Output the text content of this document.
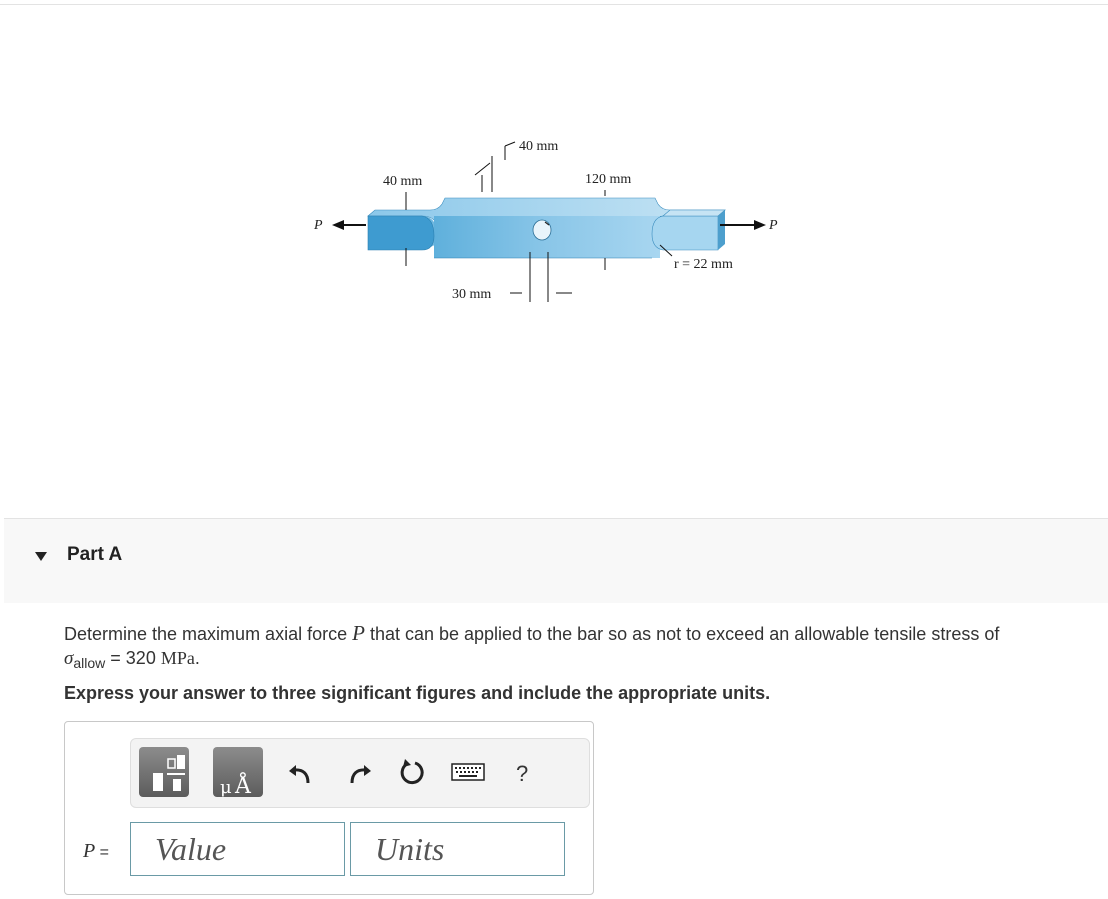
P	P
40 mm
40 mm
120 mm
30 mm
r = 22 mm
Part A
Determine the maximum axial force P that can be applied to the bar so as not to exceed an allowable tensile stress of
$\sigma_{allow} = 320$ MPa.
Express your answer to three significant figures and include the appropriate units.
μ Å
?
P =
Value
Units
